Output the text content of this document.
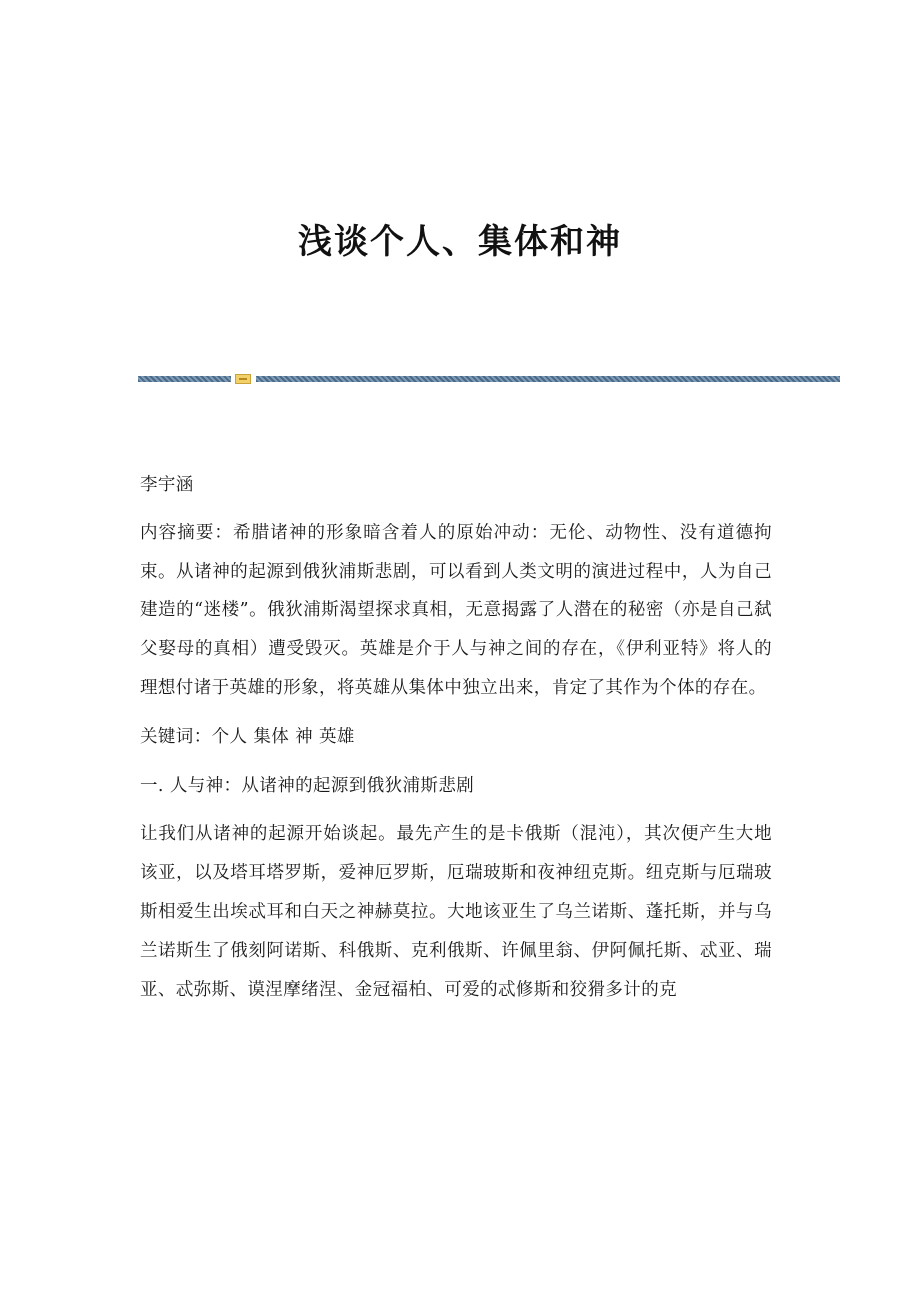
浅谈个人、集体和神

李宇涵

内容摘要：希腊诸神的形象暗含着人的原始冲动：无伦、动物性、没有道德拘束。从诸神的起源到俄狄浦斯悲剧，可以看到人类文明的演进过程中，人为自己建造的“迷楼”。俄狄浦斯渴望探求真相，无意揭露了人潜在的秘密（亦是自己弑父娶母的真相）遭受毁灭。英雄是介于人与神之间的存在，《伊利亚特》将人的理想付诸于英雄的形象，将英雄从集体中独立出来，肯定了其作为个体的存在。

关键词：个人 集体 神 英雄

一. 人与神：从诸神的起源到俄狄浦斯悲剧

让我们从诸神的起源开始谈起。最先产生的是卡俄斯（混沌），其次便产生大地该亚，以及塔耳塔罗斯，爱神厄罗斯，厄瑞玻斯和夜神纽克斯。纽克斯与厄瑞玻斯相爱生出埃忒耳和白天之神赫莫拉。大地该亚生了乌兰诺斯、蓬托斯，并与乌兰诺斯生了俄刻阿诺斯、科俄斯、克利俄斯、许佩里翁、伊阿佩托斯、忒亚、瑞亚、忒弥斯、谟涅摩绪涅、金冠福柏、可爱的忒修斯和狡猾多计的克
